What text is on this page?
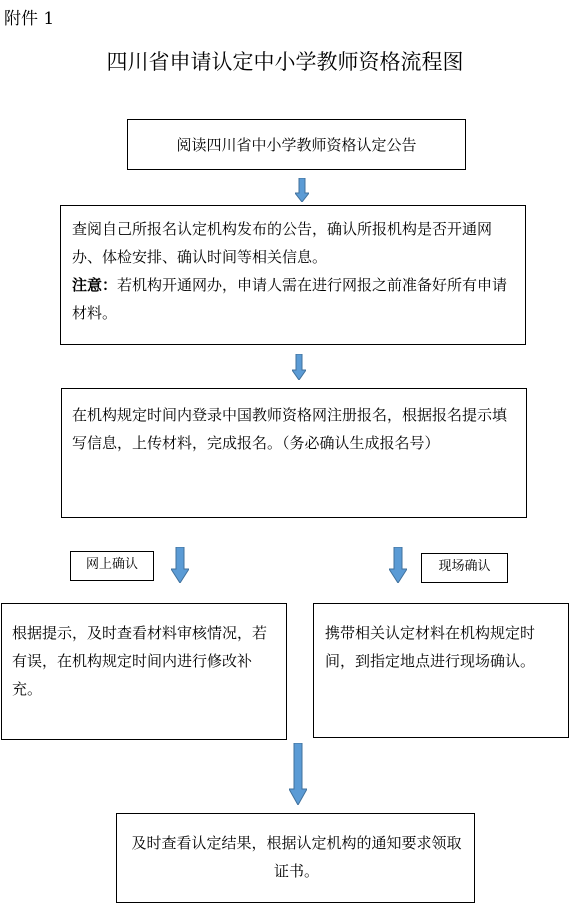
附件 1
四川省申请认定中小学教师资格流程图
阅读四川省中小学教师资格认定公告
查阅自己所报名认定机构发布的公告，确认所报机构是否开通网办、体检安排、确认时间等相关信息。
注意：若机构开通网办，申请人需在进行网报之前准备好所有申请材料。
在机构规定时间内登录中国教师资格网注册报名，根据报名提示填写信息，上传材料，完成报名。（务必确认生成报名号）
网上确认	现场确认
根据提示，及时查看材料审核情况，若有误，在机构规定时间内进行修改补充。
携带相关认定材料在机构规定时间，到指定地点进行现场确认。
及时查看认定结果，根据认定机构的通知要求领取证书。
